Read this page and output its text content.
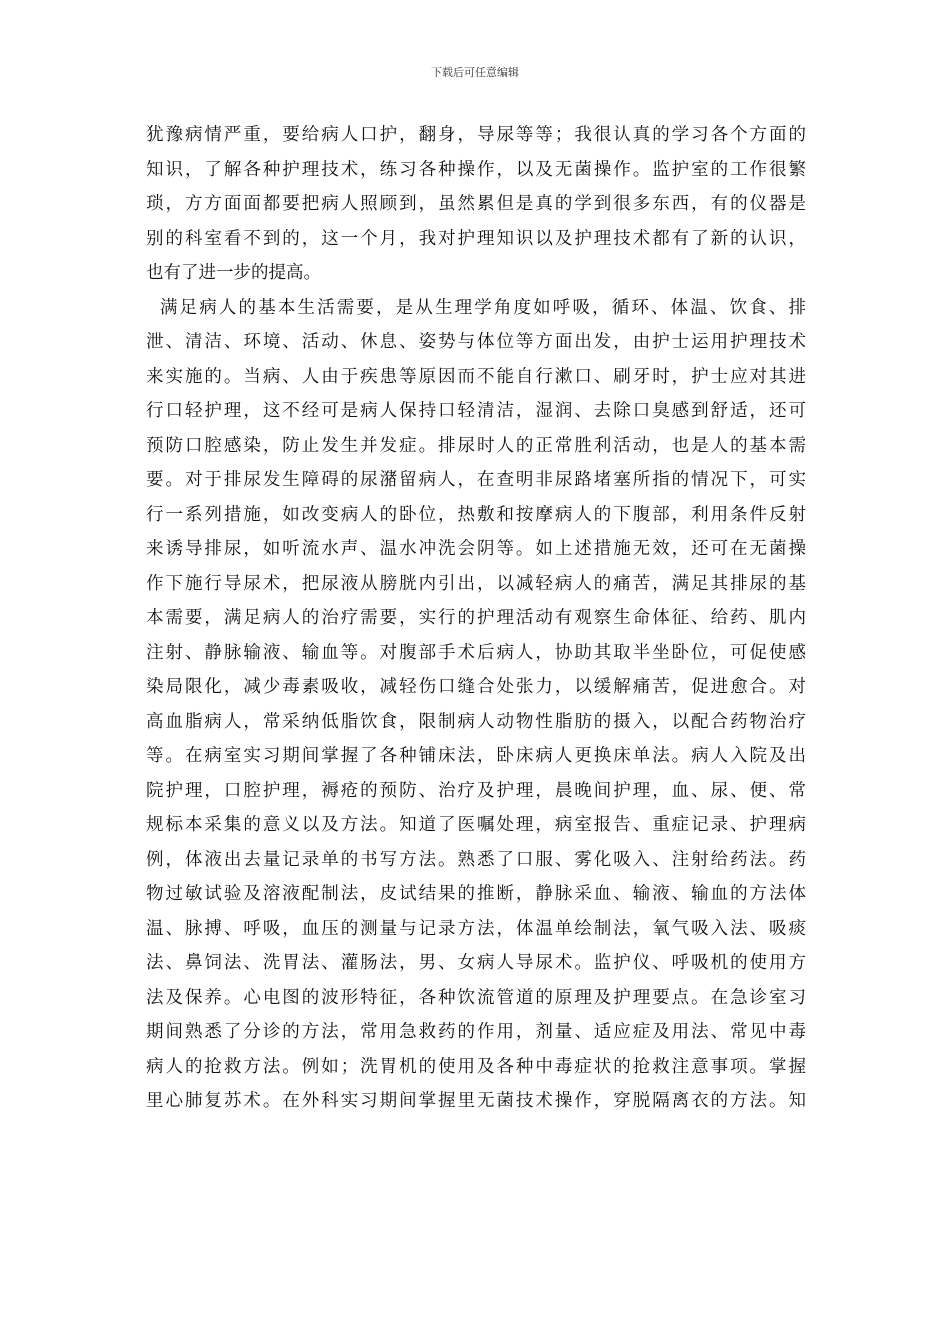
下载后可任意编辑
犹豫病情严重，要给病人口护，翻身，导尿等等；我很认真的学习各个方面的
知识，了解各种护理技术，练习各种操作，以及无菌操作。监护室的工作很繁
琐，方方面面都要把病人照顾到，虽然累但是真的学到很多东西，有的仪器是
别的科室看不到的，这一个月，我对护理知识以及护理技术都有了新的认识，
也有了进一步的提高。
满足病人的基本生活需要，是从生理学角度如呼吸，循环、体温、饮食、排
泄、清洁、环境、活动、休息、姿势与体位等方面出发，由护士运用护理技术
来实施的。当病、人由于疾患等原因而不能自行漱口、刷牙时，护士应对其进
行口轻护理，这不经可是病人保持口轻清洁，湿润、去除口臭感到舒适，还可
预防口腔感染，防止发生并发症。排尿时人的正常胜利活动，也是人的基本需
要。对于排尿发生障碍的尿潴留病人，在查明非尿路堵塞所指的情况下，可实
行一系列措施，如改变病人的卧位，热敷和按摩病人的下腹部，利用条件反射
来诱导排尿，如听流水声、温水冲洗会阴等。如上述措施无效，还可在无菌操
作下施行导尿术，把尿液从膀胱内引出，以减轻病人的痛苦，满足其排尿的基
本需要，满足病人的治疗需要，实行的护理活动有观察生命体征、给药、肌内
注射、静脉输液、输血等。对腹部手术后病人，协助其取半坐卧位，可促使感
染局限化，减少毒素吸收，减轻伤口缝合处张力，以缓解痛苦，促进愈合。对
高血脂病人，常采纳低脂饮食，限制病人动物性脂肪的摄入，以配合药物治疗
等。在病室实习期间掌握了各种铺床法，卧床病人更换床单法。病人入院及出
院护理，口腔护理，褥疮的预防、治疗及护理，晨晚间护理，血、尿、便、常
规标本采集的意义以及方法。知道了医嘱处理，病室报告、重症记录、护理病
例，体液出去量记录单的书写方法。熟悉了口服、雾化吸入、注射给药法。药
物过敏试验及溶液配制法，皮试结果的推断，静脉采血、输液、输血的方法体
温、脉搏、呼吸，血压的测量与记录方法，体温单绘制法，氧气吸入法、吸痰
法、鼻饲法、洗胃法、灌肠法，男、女病人导尿术。监护仪、呼吸机的使用方
法及保养。心电图的波形特征，各种饮流管道的原理及护理要点。在急诊室习
期间熟悉了分诊的方法，常用急救药的作用，剂量、适应症及用法、常见中毒
病人的抢救方法。例如；洗胃机的使用及各种中毒症状的抢救注意事项。掌握
里心肺复苏术。在外科实习期间掌握里无菌技术操作，穿脱隔离衣的方法。知
